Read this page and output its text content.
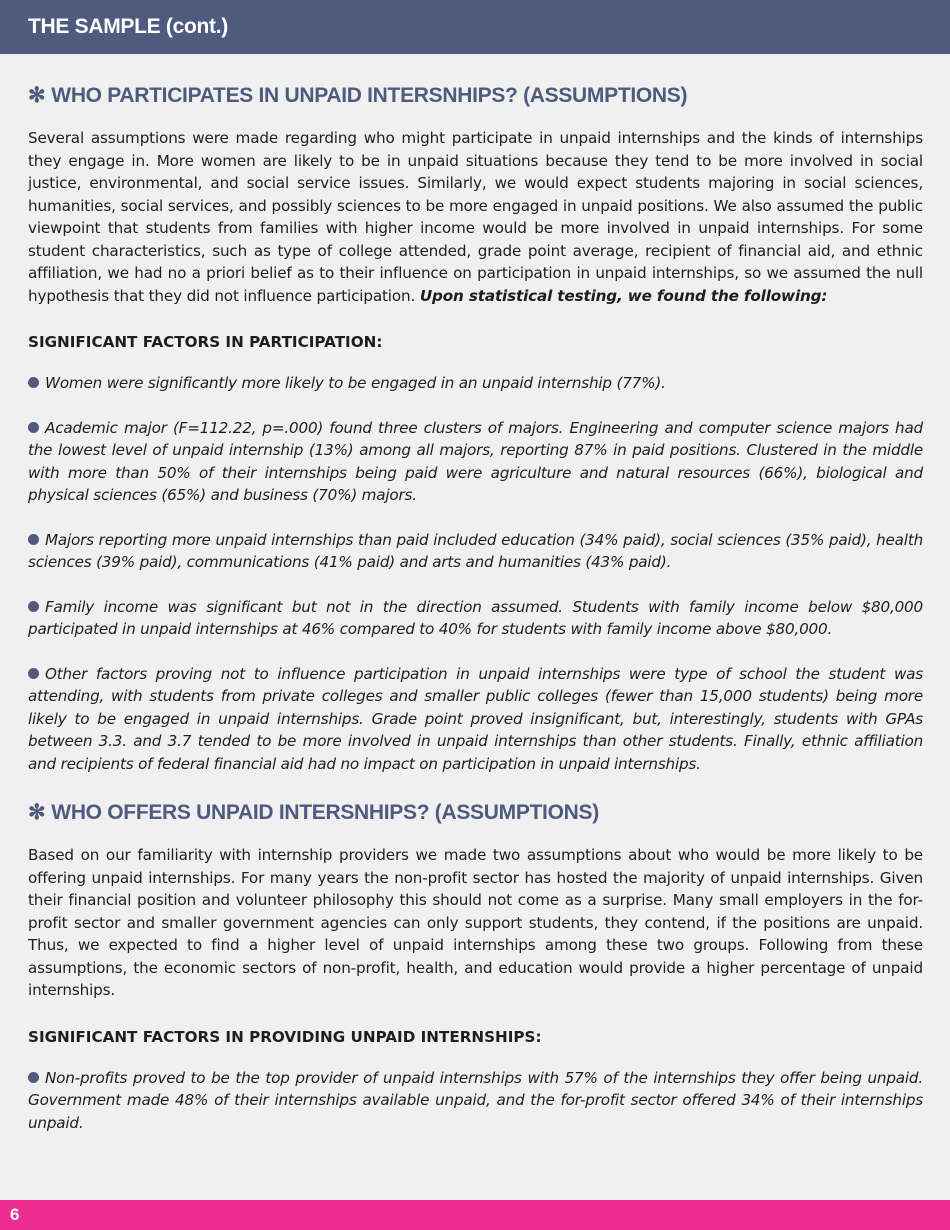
THE SAMPLE (cont.)
✻ WHO PARTICIPATES IN UNPAID INTERSNHIPS? (ASSUMPTIONS)

Several assumptions were made regarding who might participate in unpaid internships and the kinds of internships they engage in. More women are likely to be in unpaid situations because they tend to be more involved in social justice, environmental, and social service issues. Similarly, we would expect students majoring in social sciences, humanities, social services, and possibly sciences to be more engaged in unpaid positions. We also assumed the public viewpoint that students from families with higher income would be more involved in unpaid internships. For some student characteristics, such as type of college attended, grade point average, recipient of financial aid, and ethnic affiliation, we had no a priori belief as to their influence on participation in unpaid internships, so we assumed the null hypothesis that they did not influence participation. Upon statistical testing, we found the following:

SIGNIFICANT FACTORS IN PARTICIPATION:

Women were significantly more likely to be engaged in an unpaid internship (77%).

Academic major (F=112.22, p=.000) found three clusters of majors. Engineering and computer science majors had the lowest level of unpaid internship (13%) among all majors, reporting 87% in paid positions. Clustered in the middle with more than 50% of their internships being paid were agriculture and natural resources (66%), biological and physical sciences (65%) and business (70%) majors.

Majors reporting more unpaid internships than paid included education (34% paid), social sciences (35% paid), health sciences (39% paid), communications (41% paid) and arts and humanities (43% paid).

Family income was significant but not in the direction assumed. Students with family income below $80,000 participated in unpaid internships at 46% compared to 40% for students with family income above $80,000.

Other factors proving not to influence participation in unpaid internships were type of school the student was attending, with students from private colleges and smaller public colleges (fewer than 15,000 students) being more likely to be engaged in unpaid internships. Grade point proved insignificant, but, interestingly, students with GPAs between 3.3. and 3.7 tended to be more involved in unpaid internships than other students. Finally, ethnic affiliation and recipients of federal financial aid had no impact on participation in unpaid internships.

✻ WHO OFFERS UNPAID INTERSNHIPS? (ASSUMPTIONS)

Based on our familiarity with internship providers we made two assumptions about who would be more likely to be offering unpaid internships. For many years the non-profit sector has hosted the majority of unpaid internships. Given their financial position and volunteer philosophy this should not come as a surprise. Many small employers in the for-profit sector and smaller government agencies can only support students, they contend, if the positions are unpaid. Thus, we expected to find a higher level of unpaid internships among these two groups. Following from these assumptions, the economic sectors of non-profit, health, and education would provide a higher percentage of unpaid internships.

SIGNIFICANT FACTORS IN PROVIDING UNPAID INTERNSHIPS:

Non-profits proved to be the top provider of unpaid internships with 57% of the internships they offer being unpaid. Government made 48% of their internships available unpaid, and the for-profit sector offered 34% of their internships unpaid.

6
